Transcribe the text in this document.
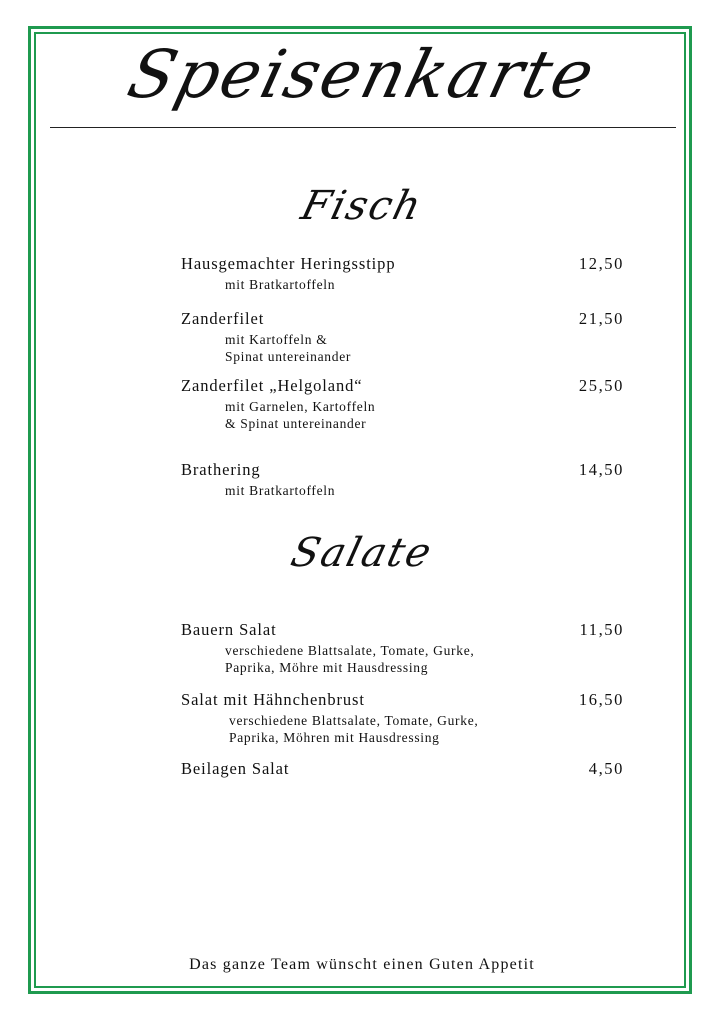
Speisenkarte
Fisch
Hausgemachter Heringsstipp	12,50
mit Bratkartoffeln
Zanderfilet	21,50
mit Kartoffeln &
Spinat untereinander
Zanderfilet „Helgoland“	25,50
mit Garnelen, Kartoffeln
& Spinat untereinander
Brathering	14,50
mit Bratkartoffeln
Salate
Bauern Salat	11,50
verschiedene Blattsalate, Tomate, Gurke,
Paprika, Möhre mit Hausdressing
Salat mit Hähnchenbrust	16,50
verschiedene Blattsalate, Tomate, Gurke,
Paprika, Möhren mit Hausdressing
Beilagen Salat	4,50
Das ganze Team wünscht einen Guten Appetit
